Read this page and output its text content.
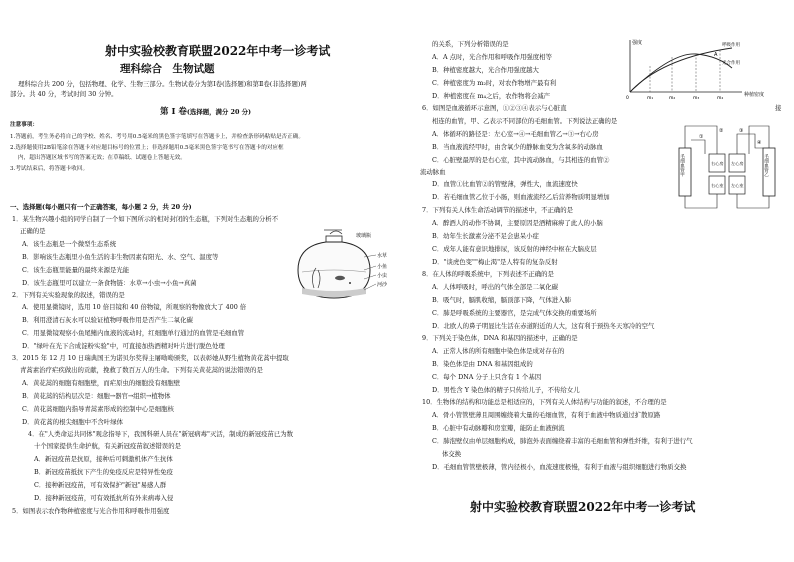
射中实验校教育联盟2022年中考一诊考试
理科综合　生物试题
理科综合共 200 分，包括物理、化学、生物三部分。生物试卷分为第Ⅰ卷(选择题)和第Ⅱ卷(非选择题)两
部分。共 40 分，考试时间 30 分钟。
第 I 卷(选择题，满分 20 分)
注意事项：
1.答题前，考生务必将自己的学校、姓名、考号用0.5毫米的黑色签字笔填写在答题卡上，并检查条形码粘贴是否正确。
2.选择题使用2B铅笔涂在答题卡对应题目标号的位置上；非选择题用0.5毫米黑色签字笔书写在答题卡的对应框
内，超出答题区域书写的答案无效；在草稿纸、试题卷上答题无效。
3.考试结束后，将答题卡收回。
一、选择题(每小题只有一个正确答案，每小题 2 分，共 20 分)
1．某生物兴趣小组的同学自制了一个如下图所示的相对封闭的生态瓶，下列对生态瓶的分析不
正确的是
A．该生态瓶是一个微型生态系统
B．影响该生态瓶里小鱼生活的非生物因素有阳光、水、空气、温度等
C．该生态瓶里能量的最终来源是光能
D．该生态瓶里可以建立一条食物链：水草→小虫→小鱼→真菌
2．下列有关实验现象的叙述，错误的是
A．使用显微镜时，选用 10 倍目镜和 40 倍物镜，所观察的物像放大了 400 倍
B．利用澄清石灰水可以验证植物呼吸作用是否产生二氧化碳
C．用显微镜观察小鱼尾鳍内血液的流动时，红细胞单行通过的血管是毛细血管
D．"绿叶在光下合成淀粉实验"中，可直接加热酒精对叶片进行脱色处理
3．2015 年 12 月 10 日瑞典国王为诺贝尔奖得主屠呦呦颁奖，以表彰她从野生植物黄花蒿中提取
青蒿素治疗疟疾做出的贡献，挽救了数百万人的生命。下列有关黄花蒿的说法错误的是
A．黄花蒿的细胞有细胞壁，而疟原虫的细胞没有细胞壁
B．黄花蒿的结构层次是：细胞→器官→组织→植物体
C．黄花蒿细胞内指导青蒿素形成的控制中心是细胞核
D．黄花蒿的根尖细胞中不含叶绿体
4．在"人类命运共同体"观念指导下，我国科研人员在"新冠病毒"灭活，制成的新冠疫苗已为数
十个国家提供生命护航，有关新冠疫苗叙述错误的是
A．新冠疫苗是抗原，接种后可刺激机体产生抗体
B．新冠疫苗抵抗下产生的免疫反应是特异性免疫
C．接种新冠疫苗，可有效保护"新冠"易感人群
D．接种新冠疫苗，可有效抵抗所有外来病毒入侵
5．如图表示农作物种植密度与光合作用和呼吸作用强度
玻璃瓶
水草
小鱼
小虫
河沙
的关系，下列分析错误的是
A．A 点时，光合作用和呼吸作用强度相等
B．种植密度越大，光合作用强度越大
C．种植密度为 m₂时，对农作物增产最有利
D．种植密度在 m₄之后，农作物将会减产
6．如图是血液循环示意图，①②③④表示与心脏直	接
相连的血管，甲、乙表示不同部位的毛细血管。下列说法正确的是
A．体循环的路径是：左心室→④→毛细血管乙→③→右心房
B．当血液流经甲时，由含氧少的静脉血变为含氧多的动脉血
C．心脏壁最厚的是右心室，其中流动脉血，与其相连的血管②
流动脉血
D．血管①比血管②的管壁薄，弹性大，血流速度快
D．若毛细血管乙位于小肠，则血液流经乙后营养物质明显增加
7．下列有关人体生命活动调节的描述中，不正确的是
A．醉酒人的动作不协调，主要原因是酒精麻痹了此人的小脑
B．幼年生长激素分泌不足会患呆小症
C．成年人能有意识地排尿，该反射的神经中枢在大脑皮层
D．"谈虎色变""梅止渴"是人特有的复杂反射
8．在人体的呼吸系统中，下列表述不正确的是
A．人体呼吸时，呼出的气体全部是二氧化碳
B．吸气时，膈肌收缩，膈顶部下降，气体进入肺
C．肺是呼吸系统的主要器官，是完成气体交换的重要场所
D．北欧人的鼻子明显比生活在赤道附近的人大，这有利于预热冬天寒冷的空气
9．下列关于染色体，DNA 和基因的描述中，正确的是
A．正常人体的所有细胞中染色体是成对存在的
B．染色体是由 DNA 和基因组成的
C．每个 DNA 分子上只含有 1 个基因
D．男性含 Y 染色体的精子只传给儿子，不传给女儿
10．生物体的结构和功能总是相适应的，下列有关人体结构与功能的叙述，不合理的是
A．骨小管管壁薄且周围缠绕着大量的毛细血管，有利于血液中物质通过扩散原路
B．心脏中有动脉瓣和房室瓣，能防止血液倒流
C．肺泡壁仅由单层细胞构成，肺泡外表面缠绕着丰富的毛细血管和弹性纤维，有利于进行气
体交换
D．毛细血管管壁极薄，管内径极小，血流速度极慢，有利于血液与组织细胞进行物质交换
射中实验校教育联盟2022年中考一诊考试
强度
种植密度
呼吸作用
光合作用
A
0	m₁	m₂	m₃	m₄
毛细血管甲	毛细血管乙
右心房 左心房
右心室 左心室
①
②	③
④
